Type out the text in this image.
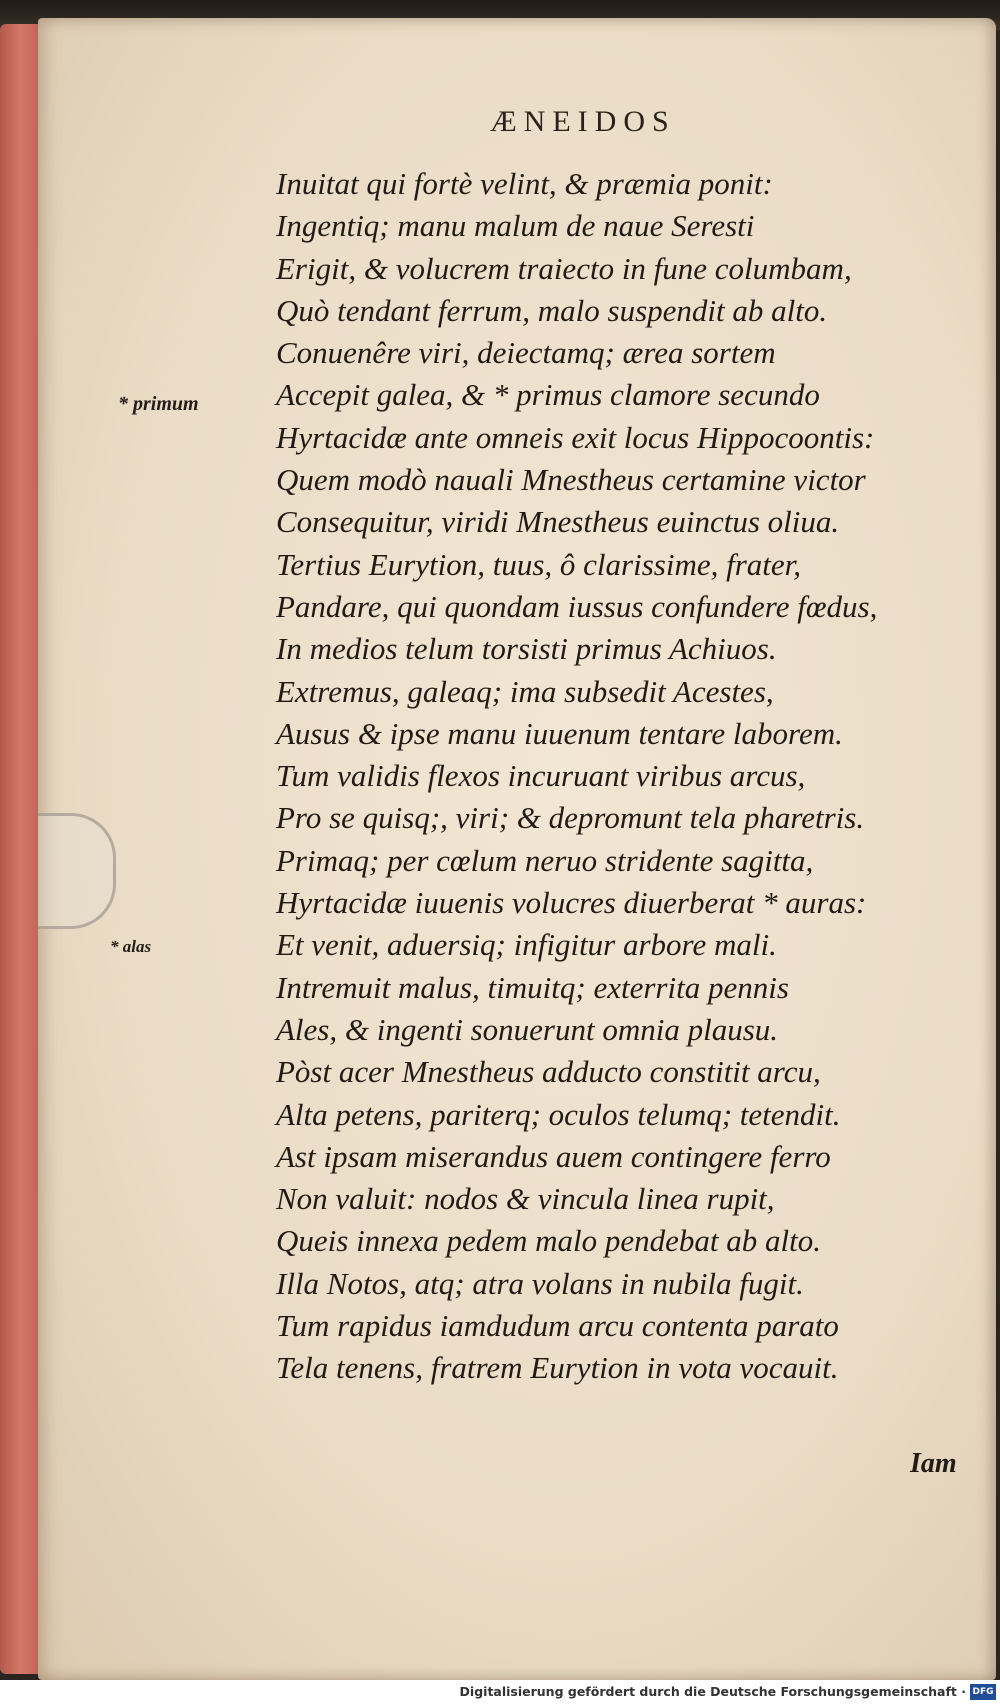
ÆNEIDOS
Inuitat qui fortè velint, & præmia ponit:
Ingentiq; manu malum de naue Seresti
Erigit, & volucrem traiecto in fune columbam,
Quò tendant ferrum, malo suspendit ab alto.
Conuenêre viri, deiectamq; ærea sortem
Accepit galea, & * primus clamore secundo
Hyrtacidæ ante omneis exit locus Hippocoontis:
Quem modò nauali Mnestheus certamine victor
Consequitur, viridi Mnestheus euinctus oliua.
Tertius Eurytion, tuus, ô clarissime, frater,
Pandare, qui quondam iussus confundere fœdus,
In medios telum torsisti primus Achiuos.
Extremus, galeaq; ima subsedit Acestes,
Ausus & ipse manu iuuenum tentare laborem.
Tum validis flexos incuruant viribus arcus,
Pro se quisq;, viri; & depromunt tela pharetris.
Primaq; per cœlum neruo stridente sagitta,
Hyrtacidæ iuuenis volucres diuerberat * auras:
Et venit, aduersiq; infigitur arbore mali.
Intremuit malus, timuitq; exterrita pennis
Ales, & ingenti sonuerunt omnia plausu.
Pòst acer Mnestheus adducto constitit arcu,
Alta petens, pariterq; oculos telumq; tetendit.
Ast ipsam miserandus auem contingere ferro
Non valuit: nodos & vincula linea rupit,
Queis innexa pedem malo pendebat ab alto.
Illa Notos, atq; atra volans in nubila fugit.
Tum rapidus iamdudum arcu contenta parato
Tela tenens, fratrem Eurytion in vota vocauit.
* primum
* alas
Iam
Digitalisierung gefördert durch die Deutsche Forschungsgemeinschaft · DFG
